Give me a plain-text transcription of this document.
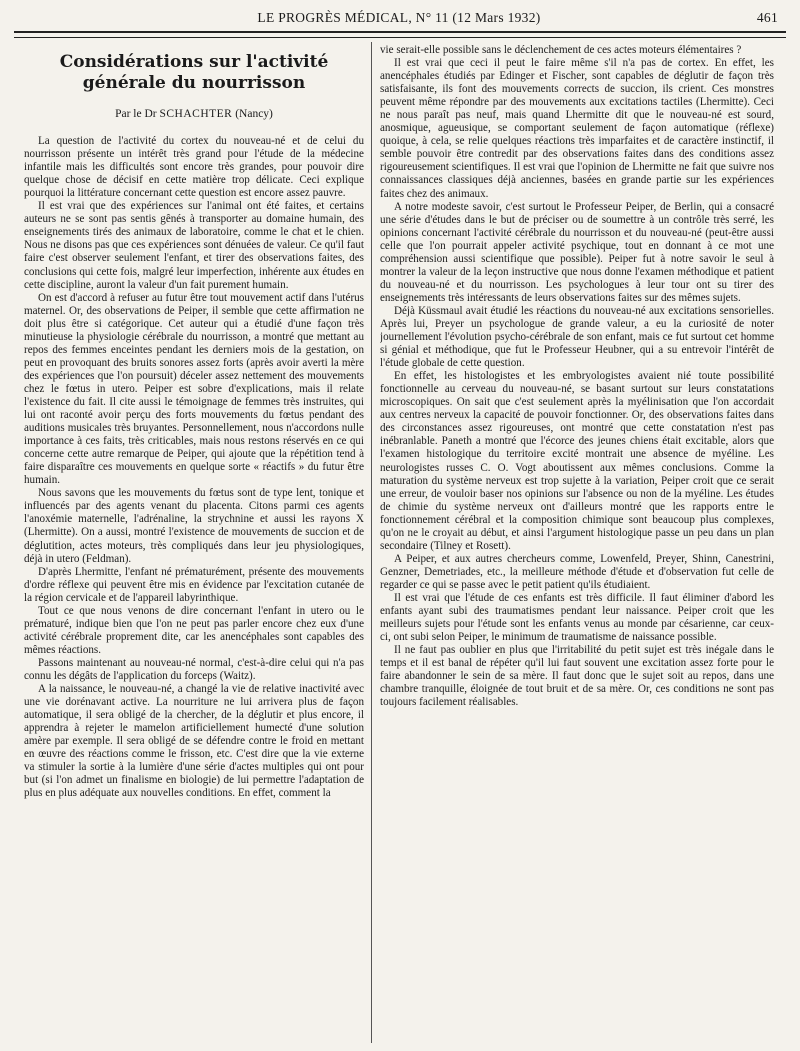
LE PROGRÈS MÉDICAL, N° 11 (12 Mars 1932)	461
Considérations sur l'activité générale du nourrisson
Par le Dr SCHACHTER (Nancy)

La question de l'activité du cortex du nouveau-né et de celui du nourrisson présente un intérêt très grand pour l'étude de la médecine infantile mais les difficultés sont encore très grandes, pour pouvoir dire quelque chose de décisif en cette matière trop délicate. Ceci explique pourquoi la littérature concernant cette question est encore assez pauvre.

Il est vrai que des expériences sur l'animal ont été faites, et certains auteurs ne se sont pas sentis gênés à transporter au domaine humain, des enseignements tirés des animaux de laboratoire, comme le chat et le chien. Nous ne disons pas que ces expériences sont dénuées de valeur. Ce qu'il faut faire c'est observer seulement l'enfant, et tirer des observations faites, des conclusions qui cette fois, malgré leur imperfection, inhérente aux études en cette discipline, auront la valeur d'un fait purement humain.

On est d'accord à refuser au futur être tout mouvement actif dans l'utérus maternel. Or, des observations de Peiper, il semble que cette affirmation ne doit plus être si catégorique. Cet auteur qui a étudié d'une façon très minutieuse la physiologie cérébrale du nourrisson, a montré que mettant au repos des femmes enceintes pendant les derniers mois de la gestation, on peut en provoquant des bruits sonores assez forts (après avoir averti la mère des expériences que l'on poursuit) déceler assez nettement des mouvements chez le fœtus in utero. Peiper est sobre d'explications, mais il relate l'existence du fait. Il cite aussi le témoignage de femmes très instruites, qui lui ont raconté avoir perçu des forts mouvements du fœtus pendant des auditions musicales très bruyantes. Personnellement, nous n'accordons nulle importance à ces faits, très criticables, mais nous restons réservés en ce qui concerne cette autre remarque de Peiper, qui ajoute que la répétition tend à faire disparaître ces mouvements en quelque sorte « réactifs » du futur être humain.

Nous savons que les mouvements du fœtus sont de type lent, tonique et influencés par des agents venant du placenta. Citons parmi ces agents l'anoxémie maternelle, l'adrénaline, la strychnine et aussi les rayons X (Lhermitte). On a aussi, montré l'existence de mouvements de succion et de déglutition, actes moteurs, très compliqués dans leur jeu physiologiques, déjà in utero (Feldman).

D'après Lhermitte, l'enfant né prématurément, présente des mouvements d'ordre réflexe qui peuvent être mis en évidence par l'excitation cutanée de la région cervicale et de l'appareil labyrinthique.

Tout ce que nous venons de dire concernant l'enfant in utero ou le prématuré, indique bien que l'on ne peut pas parler encore chez eux d'une activité cérébrale proprement dite, car les anencéphales sont capables des mêmes réactions.

Passons maintenant au nouveau-né normal, c'est-à-dire celui qui n'a pas connu les dégâts de l'application du forceps (Waitz).

A la naissance, le nouveau-né, a changé la vie de relative inactivité avec une vie dorénavant active. La nourriture ne lui arrivera plus de façon automatique, il sera obligé de la chercher, de la déglutir et plus encore, il apprendra à rejeter le mamelon artificiellement humecté d'une solution amère par exemple. Il sera obligé de se défendre contre le froid en mettant en œuvre des réactions comme le frisson, etc. C'est dire que la vie externe va stimuler la sortie à la lumière d'une série d'actes multiples qui ont pour but (si l'on admet un finalisme en biologie) de lui permettre l'adaptation de plus en plus adéquate aux nouvelles conditions. En effet, comment la

vie serait-elle possible sans le déclenchement de ces actes moteurs élémentaires ?

Il est vrai que ceci il peut le faire même s'il n'a pas de cortex. En effet, les anencéphales étudiés par Edinger et Fischer, sont capables de déglutir de façon très satisfaisante, ils font des mouvements corrects de succion, ils crient. Ces monstres peuvent même répondre par des mouvements aux excitations tactiles (Lhermitte). Ceci ne nous paraît pas neuf, mais quand Lhermitte dit que le nouveau-né est sourd, anosmique, agueusique, se comportant seulement de façon automatique (réflexe) quoique, à cela, se relie quelques réactions très imparfaites et de caractère instinctif, il semble pouvoir être contredit par des observations faites dans des conditions assez rigoureusement scientifiques. Il est vrai que l'opinion de Lhermitte ne fait que suivre nos connaissances classiques déjà anciennes, basées en grande partie sur les expériences faites chez des animaux.

A notre modeste savoir, c'est surtout le Professeur Peiper, de Berlin, qui a consacré une série d'études dans le but de préciser ou de soumettre à un contrôle très serré, les opinions concernant l'activité cérébrale du nourrisson et du nouveau-né (peut-être aussi celle que l'on pourrait appeler activité psychique, tout en donnant à ce mot une compréhension aussi scientifique que possible). Peiper fut à notre savoir le seul à montrer la valeur de la leçon instructive que nous donne l'examen méthodique et patient du nouveau-né et du nourrisson. Les psychologues à leur tour ont su tirer des enseignements très intéressants de leurs observations faites sur des mêmes sujets.

Déjà Küssmaul avait étudié les réactions du nouveau-né aux excitations sensorielles. Après lui, Preyer un psychologue de grande valeur, a eu la curiosité de noter journellement l'évolution psycho-cérébrale de son enfant, mais ce fut surtout cet homme si génial et méthodique, que fut le Professeur Heubner, qui a su entrevoir l'intérêt de l'étude globale de cette question.

En effet, les histologistes et les embryologistes avaient nié toute possibilité fonctionnelle au cerveau du nouveau-né, se basant surtout sur leurs constatations microscopiques. On sait que c'est seulement après la myélinisation que l'on accordait aux centres nerveux la capacité de pouvoir fonctionner. Or, des observations faites dans des circonstances assez rigoureuses, ont montré que cette constatation n'est pas inébranlable. Paneth a montré que l'écorce des jeunes chiens était excitable, alors que l'examen histologique du territoire excité montrait une absence de myéline. Les neurologistes russes C. O. Vogt aboutissent aux mêmes conclusions. Comme la maturation du système nerveux est trop sujette à la variation, Peiper croit que ce serait une erreur, de vouloir baser nos opinions sur l'absence ou non de la myéline. Les études de chimie du système nerveux ont d'ailleurs montré que les rapports entre le fonctionnement cérébral et la composition chimique sont beaucoup plus complexes, qu'on ne le croyait au début, et ainsi l'argument histologique passe un peu dans un plan secondaire (Tilney et Rosett).

A Peiper, et aux autres chercheurs comme, Lowenfeld, Preyer, Shinn, Canestrini, Genzner, Demetriades, etc., la meilleure méthode d'étude et d'observation fut celle de regarder ce qui se passe avec le petit patient qu'ils étudiaient.

Il est vrai que l'étude de ces enfants est très difficile. Il faut éliminer d'abord les enfants ayant subi des traumatismes pendant leur naissance. Peiper croit que les meilleurs sujets pour l'étude sont les enfants venus au monde par césarienne, car ceux-ci, ont subi selon Peiper, le minimum de traumatisme de naissance possible.

Il ne faut pas oublier en plus que l'irritabilité du petit sujet est très inégale dans le temps et il est banal de répéter qu'il lui faut souvent une excitation assez forte pour le faire abandonner le sein de sa mère. Il faut donc que le sujet soit au repos, dans une chambre tranquille, éloignée de tout bruit et de sa mère. Or, ces conditions ne sont pas toujours facilement réalisables.
